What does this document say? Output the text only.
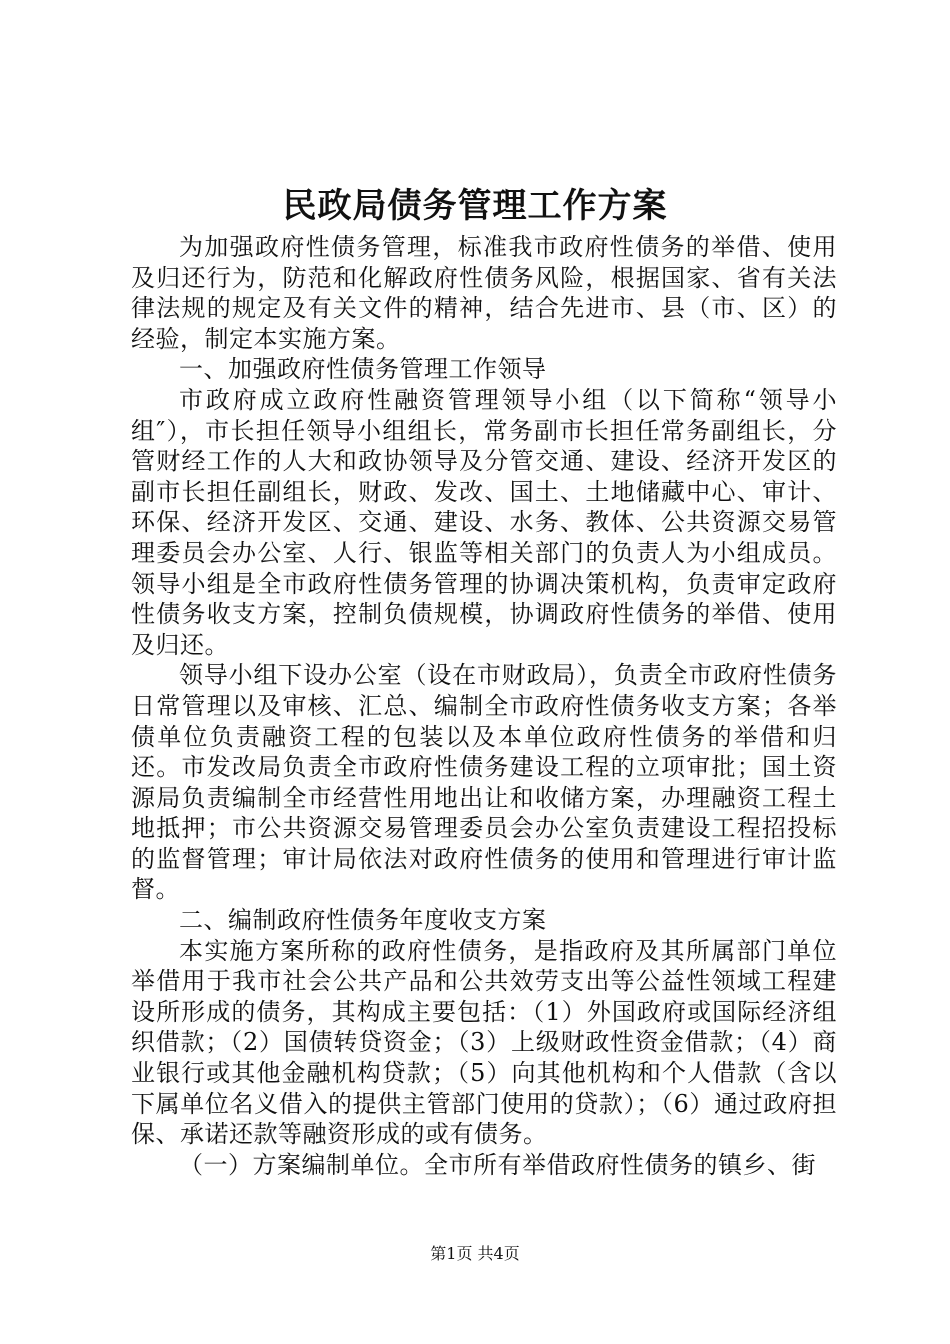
民政局债务管理工作方案

为加强政府性债务管理，标准我市政府性债务的举借、使用及归还行为，防范和化解政府性债务风险，根据国家、省有关法律法规的规定及有关文件的精神，结合先进市、县（市、区）的经验，制定本实施方案。

一、加强政府性债务管理工作领导

市政府成立政府性融资管理领导小组（以下简称“领导小组″），市长担任领导小组组长，常务副市长担任常务副组长，分管财经工作的人大和政协领导及分管交通、建设、经济开发区的副市长担任副组长，财政、发改、国土、土地储藏中心、审计、环保、经济开发区、交通、建设、水务、教体、公共资源交易管理委员会办公室、人行、银监等相关部门的负责人为小组成员。领导小组是全市政府性债务管理的协调决策机构，负责审定政府性债务收支方案，控制负债规模，协调政府性债务的举借、使用及归还。

领导小组下设办公室（设在市财政局），负责全市政府性债务日常管理以及审核、汇总、编制全市政府性债务收支方案；各举债单位负责融资工程的包装以及本单位政府性债务的举借和归还。市发改局负责全市政府性债务建设工程的立项审批；国土资源局负责编制全市经营性用地出让和收储方案，办理融资工程土地抵押；市公共资源交易管理委员会办公室负责建设工程招投标的监督管理；审计局依法对政府性债务的使用和管理进行审计监督。

二、编制政府性债务年度收支方案

本实施方案所称的政府性债务，是指政府及其所属部门单位举借用于我市社会公共产品和公共效劳支出等公益性领域工程建设所形成的债务，其构成主要包括：（1）外国政府或国际经济组织借款；（2）国债转贷资金；（3）上级财政性资金借款；（4）商业银行或其他金融机构贷款；（5）向其他机构和个人借款（含以下属单位名义借入的提供主管部门使用的贷款）；（6）通过政府担保、承诺还款等融资形成的或有债务。

（一）方案编制单位。全市所有举借政府性债务的镇乡、街

第1页 共4页
